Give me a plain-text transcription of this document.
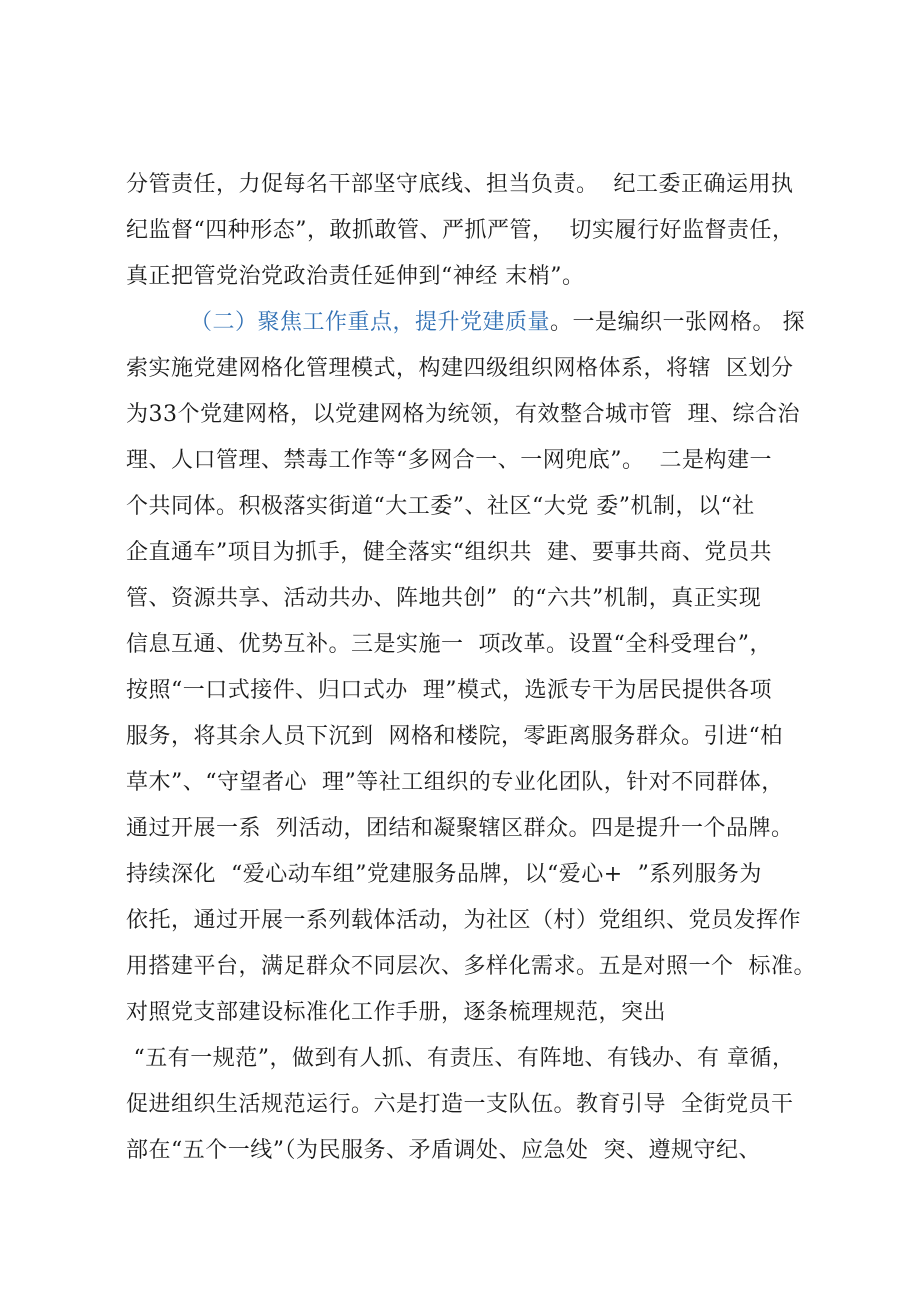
分管责任，力促每名干部坚守底线、担当负责。  纪工委正确运用执
纪监督“四种形态”，敢抓敢管、严抓严管，  切实履行好监督责任，
真正把管党治党政治责任延伸到“神经 末梢”。
（二）聚焦工作重点，提升党建质量。一是编织一张网格。 探
索实施党建网格化管理模式，构建四级组织网格体系，将辖  区划分
为33个党建网格，以党建网格为统领，有效整合城市管  理、综合治
理、人口管理、禁毒工作等“多网合一、一网兜底”。  二是构建一
个共同体。积极落实街道“大工委”、社区“大党 委”机制，以“社
企直通车”项目为抓手，健全落实“组织共  建、要事共商、党员共
管、资源共享、活动共办、阵地共创”  的“六共”机制，真正实现
信息互通、优势互补。三是实施一  项改革。设置“全科受理台”，
按照“一口式接件、归口式办  理”模式，选派专干为居民提供各项
服务，将其余人员下沉到  网格和楼院，零距离服务群众。引进“柏
草木”、“守望者心  理”等社工组织的专业化团队，针对不同群体，
通过开展一系  列活动，团结和凝聚辖区群众。四是提升一个品牌。
持续深化  “爱心动车组”党建服务品牌，以“爱心+  ”系列服务为
依托，通过开展一系列载体活动，为社区（村）党组织、党员发挥作
用搭建平台，满足群众不同层次、多样化需求。五是对照一个  标准。
对照党支部建设标准化工作手册，逐条梳理规范，突出
“五有一规范”，做到有人抓、有责压、有阵地、有钱办、有 章循，
促进组织生活规范运行。六是打造一支队伍。教育引导  全街党员干
部在“五个一线”（为民服务、矛盾调处、应急处  突、遵规守纪、
